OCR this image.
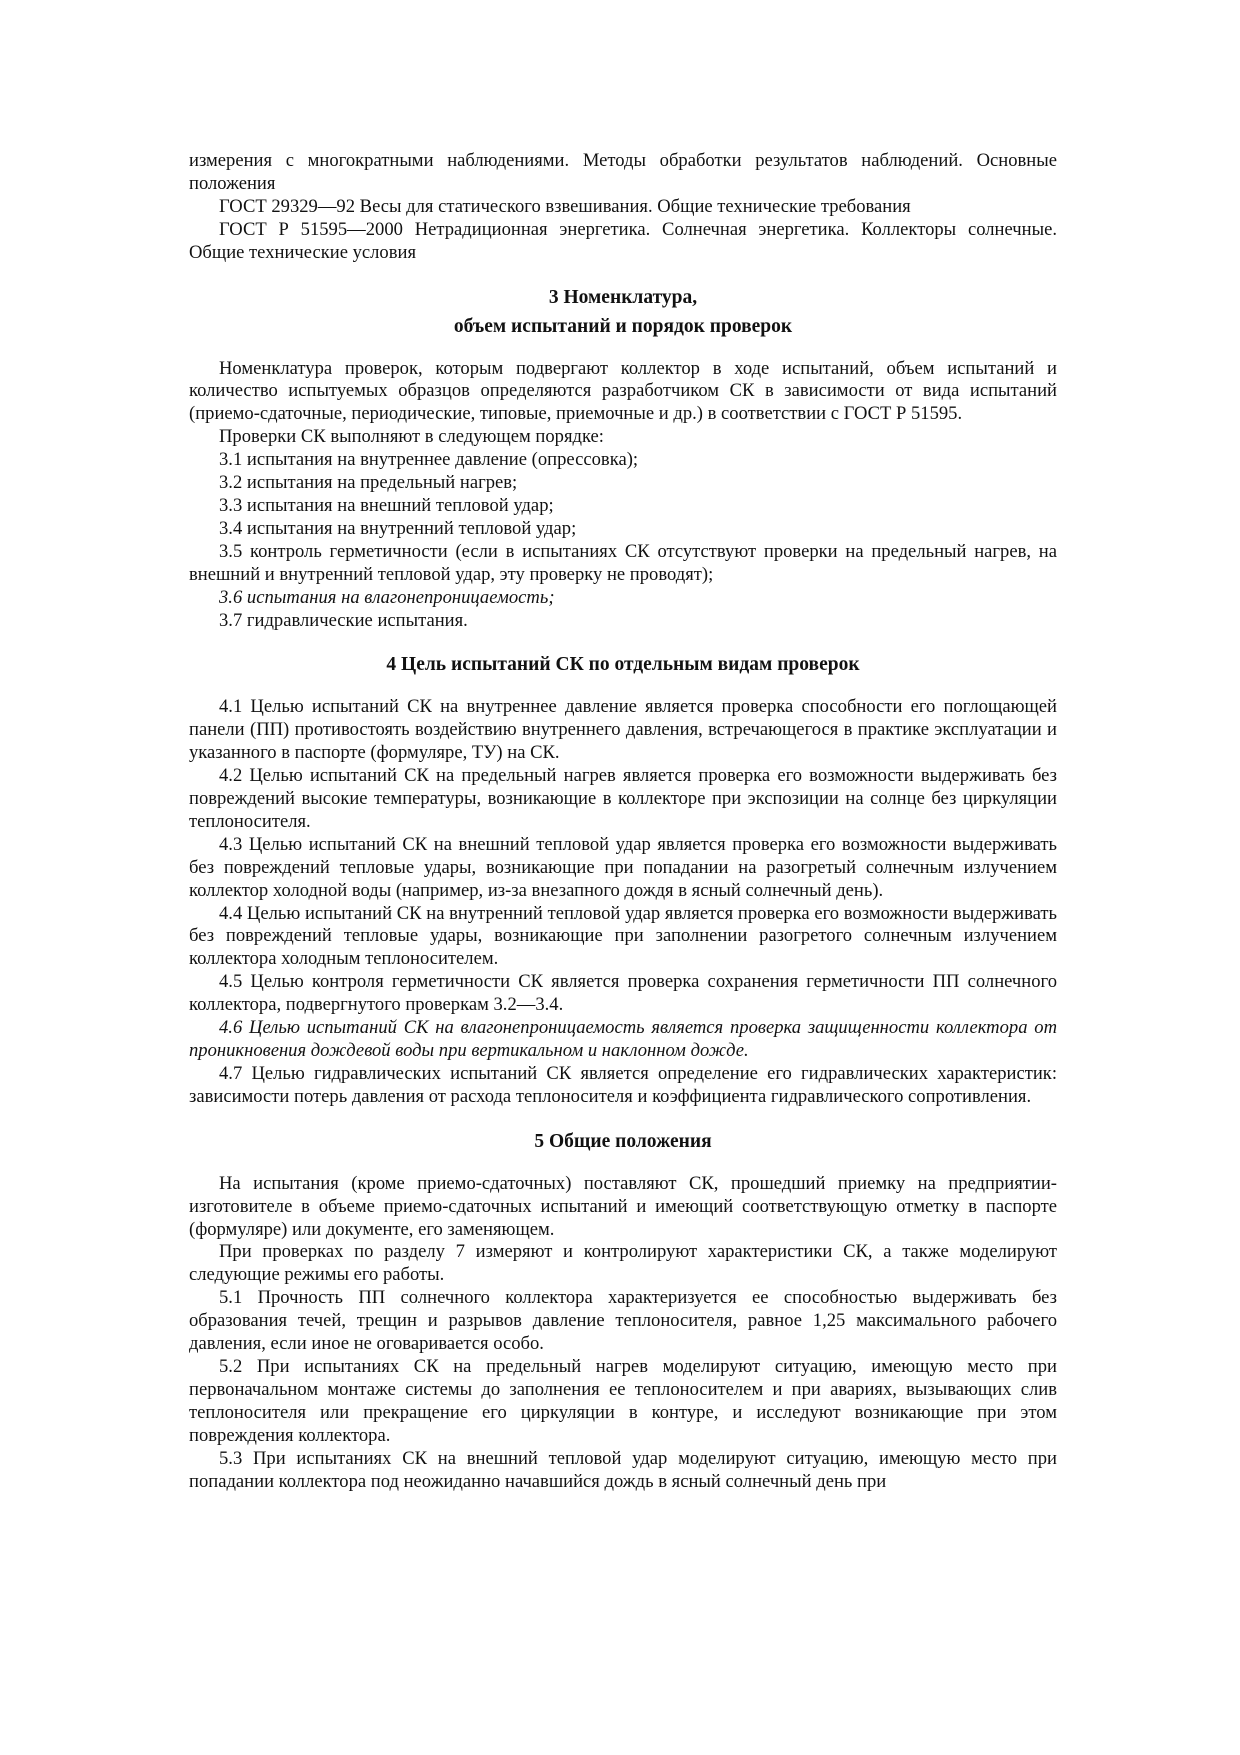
измерения с многократными наблюдениями. Методы обработки результатов наблюдений. Основные положения

ГОСТ 29329—92 Весы для статического взвешивания. Общие технические требования

ГОСТ Р 51595—2000 Нетрадиционная энергетика. Солнечная энергетика. Коллекторы солнечные. Общие технические условия

3 Номенклатура,
объем испытаний и порядок проверок

Номенклатура проверок, которым подвергают коллектор в ходе испытаний, объем испытаний и количество испытуемых образцов определяются разработчиком СК в зависимости от вида испытаний (приемо-сдаточные, периодические, типовые, приемочные и др.) в соответствии с ГОСТ Р 51595.

Проверки СК выполняют в следующем порядке:

3.1 испытания на внутреннее давление (опрессовка);

3.2 испытания на предельный нагрев;

3.3 испытания на внешний тепловой удар;

3.4 испытания на внутренний тепловой удар;

3.5 контроль герметичности (если в испытаниях СК отсутствуют проверки на предельный нагрев, на внешний и внутренний тепловой удар, эту проверку не проводят);

3.6 испытания на влагонепроницаемость;

3.7 гидравлические испытания.

4 Цель испытаний СК по отдельным видам проверок

4.1 Целью испытаний СК на внутреннее давление является проверка способности его поглощающей панели (ПП) противостоять воздействию внутреннего давления, встречающегося в практике эксплуатации и указанного в паспорте (формуляре, ТУ) на СК.

4.2 Целью испытаний СК на предельный нагрев является проверка его возможности выдерживать без повреждений высокие температуры, возникающие в коллекторе при экспозиции на солнце без циркуляции теплоносителя.

4.3 Целью испытаний СК на внешний тепловой удар является проверка его возможности выдерживать без повреждений тепловые удары, возникающие при попадании на разогретый солнечным излучением коллектор холодной воды (например, из-за внезапного дождя в ясный солнечный день).

4.4 Целью испытаний СК на внутренний тепловой удар является проверка его возможности выдерживать без повреждений тепловые удары, возникающие при заполнении разогретого солнечным излучением коллектора холодным теплоносителем.

4.5 Целью контроля герметичности СК является проверка сохранения герметичности ПП солнечного коллектора, подвергнутого проверкам 3.2—3.4.

4.6 Целью испытаний СК на влагонепроницаемость является проверка защищенности коллектора от проникновения дождевой воды при вертикальном и наклонном дожде.

4.7 Целью гидравлических испытаний СК является определение его гидравлических характеристик: зависимости потерь давления от расхода теплоносителя и коэффициента гидравлического сопротивления.

5 Общие положения

На испытания (кроме приемо-сдаточных) поставляют СК, прошедший приемку на предприятии-изготовителе в объеме приемо-сдаточных испытаний и имеющий соответствующую отметку в паспорте (формуляре) или документе, его заменяющем.

При проверках по разделу 7 измеряют и контролируют характеристики СК, а также моделируют следующие режимы его работы.

5.1 Прочность ПП солнечного коллектора характеризуется ее способностью выдерживать без образования течей, трещин и разрывов давление теплоносителя, равное 1,25 максимального рабочего давления, если иное не оговаривается особо.

5.2 При испытаниях СК на предельный нагрев моделируют ситуацию, имеющую место при первоначальном монтаже системы до заполнения ее теплоносителем и при авариях, вызывающих слив теплоносителя или прекращение его циркуляции в контуре, и исследуют возникающие при этом повреждения коллектора.

5.3 При испытаниях СК на внешний тепловой удар моделируют ситуацию, имеющую место при попадании коллектора под неожиданно начавшийся дождь в ясный солнечный день при
